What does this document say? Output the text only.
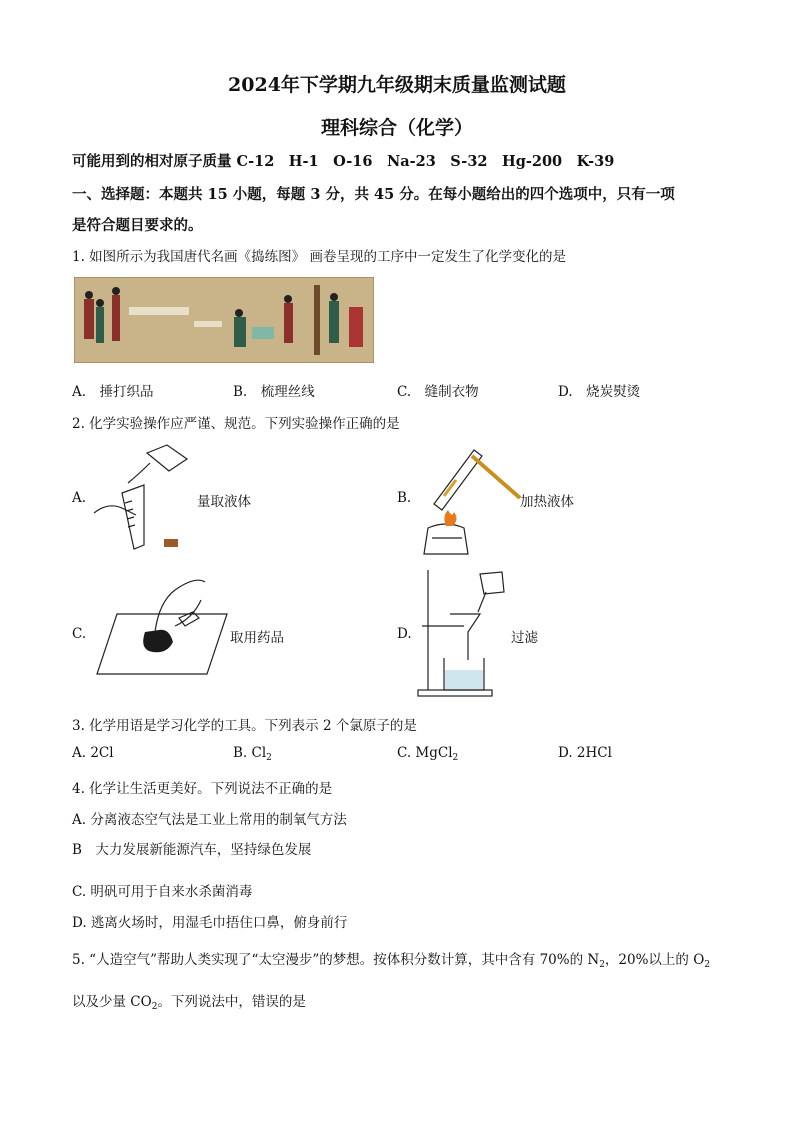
2024年下学期九年级期末质量监测试题
理科综合（化学）
可能用到的相对原子质量 C-12　H-1　O-16　Na-23　S-32　Hg-200　K-39
一、选择题：本题共 15 小题，每题 3 分，共 45 分。在每小题给出的四个选项中，只有一项
是符合题目要求的。
1. 如图所示为我国唐代名画《捣练图》 画卷呈现的工序中一定发生了化学变化的是
A.　捶打织品	B.　梳理丝线	C.　缝制衣物	D.　烧炭熨烫
2. 化学实验操作应严谨、规范。下列实验操作正确的是
A.	量取液体	B.	加热液体
C.	取用药品	D.	过滤
3. 化学用语是学习化学的工具。下列表示 2 个氯原子的是
A. 2Cl	B. $Cl_2$	C. MgCl$_2$	D. 2HCl
4. 化学让生活更美好。下列说法不正确的是
A. 分离液态空气法是工业上常用的制氧气方法
B　大力发展新能源汽车，坚持绿色发展
C. 明矾可用于自来水杀菌消毒
D. 逃离火场时，用湿毛巾捂住口鼻，俯身前行
5. “人造空气”帮助人类实现了“太空漫步”的梦想。按体积分数计算，其中含有 70%的 $N_2$，20%以上的 $O_2$
以及少量 $CO_2$。下列说法中，错误的是
